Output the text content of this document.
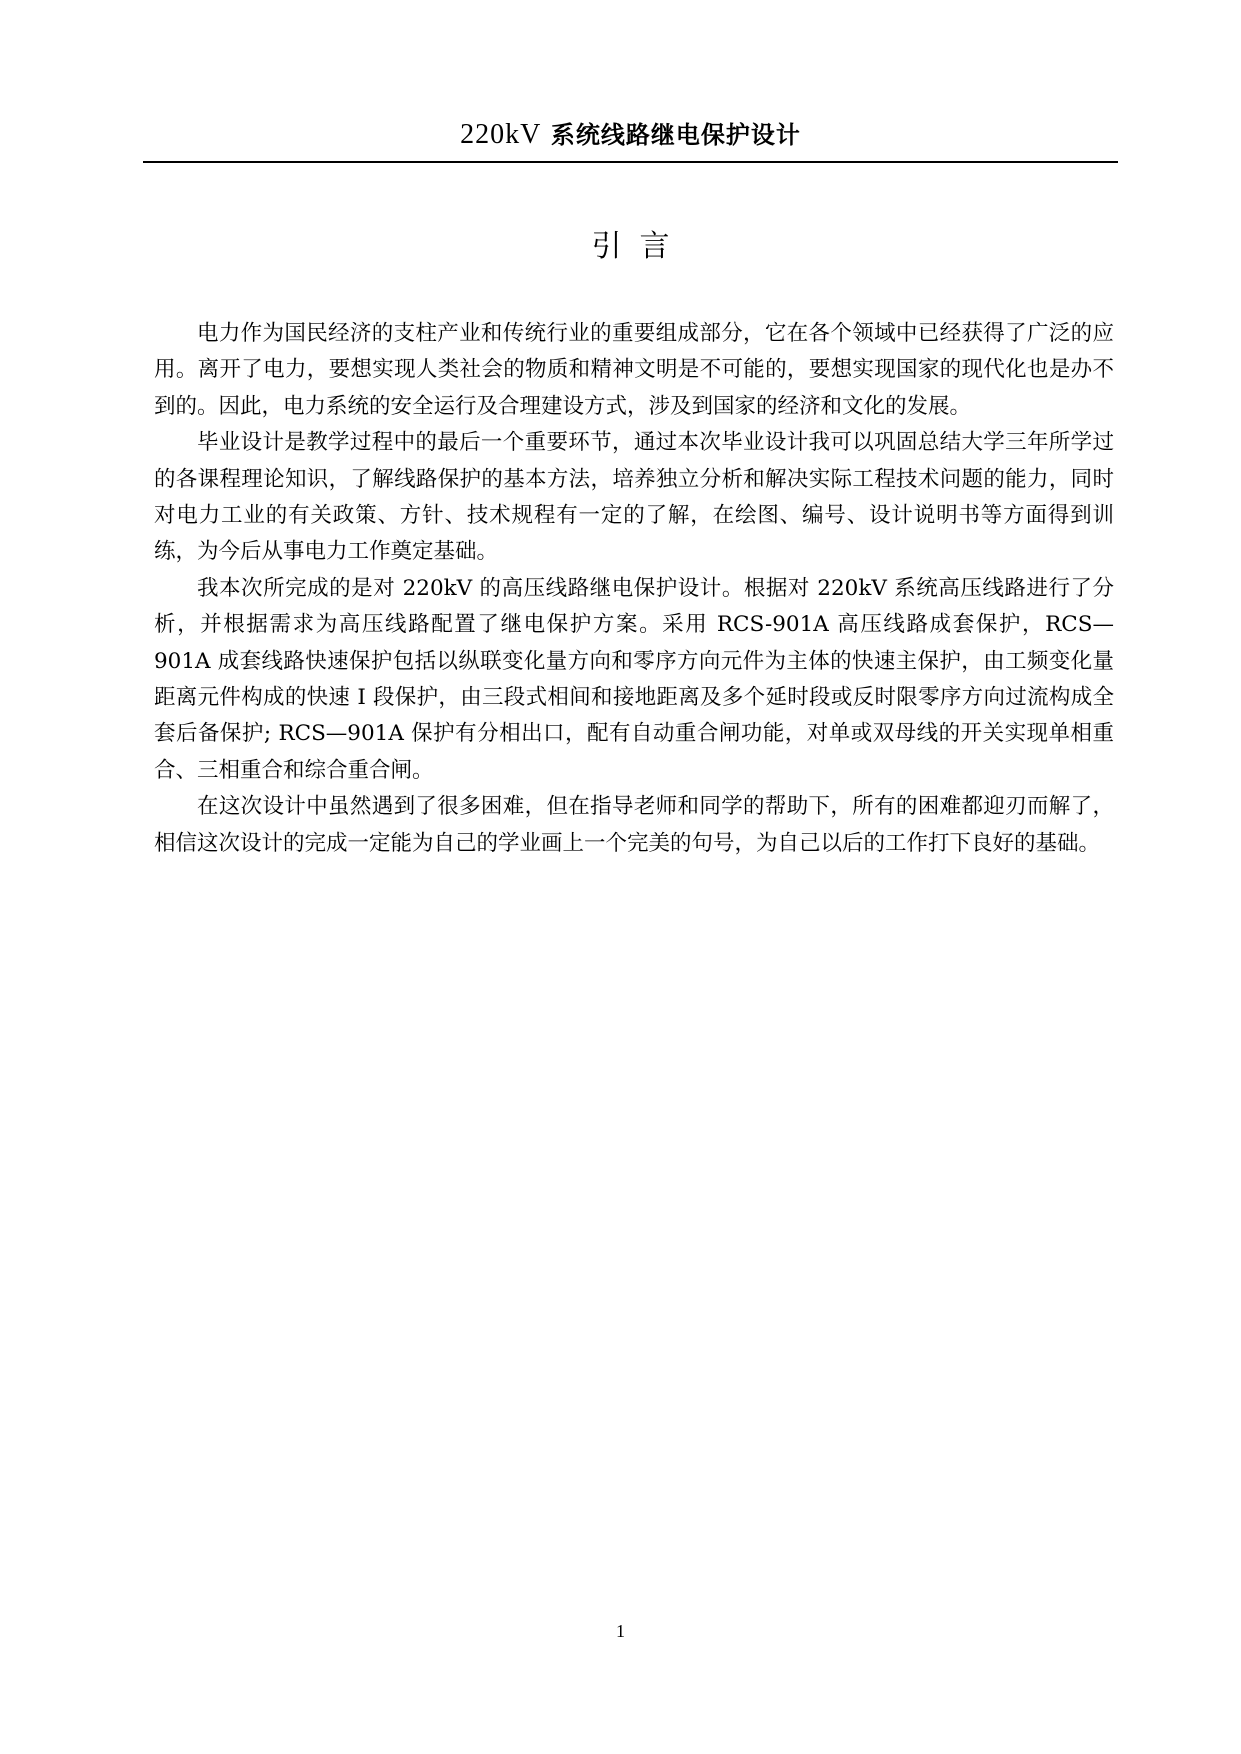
220kV 系统线路继电保护设计
引言

电力作为国民经济的支柱产业和传统行业的重要组成部分，它在各个领域中已经获得了广泛的应用。离开了电力，要想实现人类社会的物质和精神文明是不可能的，要想实现国家的现代化也是办不到的。因此，电力系统的安全运行及合理建设方式，涉及到国家的经济和文化的发展。

毕业设计是教学过程中的最后一个重要环节，通过本次毕业设计我可以巩固总结大学三年所学过的各课程理论知识，了解线路保护的基本方法，培养独立分析和解决实际工程技术问题的能力，同时对电力工业的有关政策、方针、技术规程有一定的了解，在绘图、编号、设计说明书等方面得到训练，为今后从事电力工作奠定基础。

我本次所完成的是对 220kV 的高压线路继电保护设计。根据对 220kV 系统高压线路进行了分析，并根据需求为高压线路配置了继电保护方案。采用 RCS-901A 高压线路成套保护，RCS—901A 成套线路快速保护包括以纵联变化量方向和零序方向元件为主体的快速主保护，由工频变化量距离元件构成的快速 I 段保护，由三段式相间和接地距离及多个延时段或反时限零序方向过流构成全套后备保护; RCS—901A 保护有分相出口，配有自动重合闸功能，对单或双母线的开关实现单相重合、三相重合和综合重合闸。

在这次设计中虽然遇到了很多困难，但在指导老师和同学的帮助下，所有的困难都迎刃而解了，相信这次设计的完成一定能为自己的学业画上一个完美的句号，为自己以后的工作打下良好的基础。

1
